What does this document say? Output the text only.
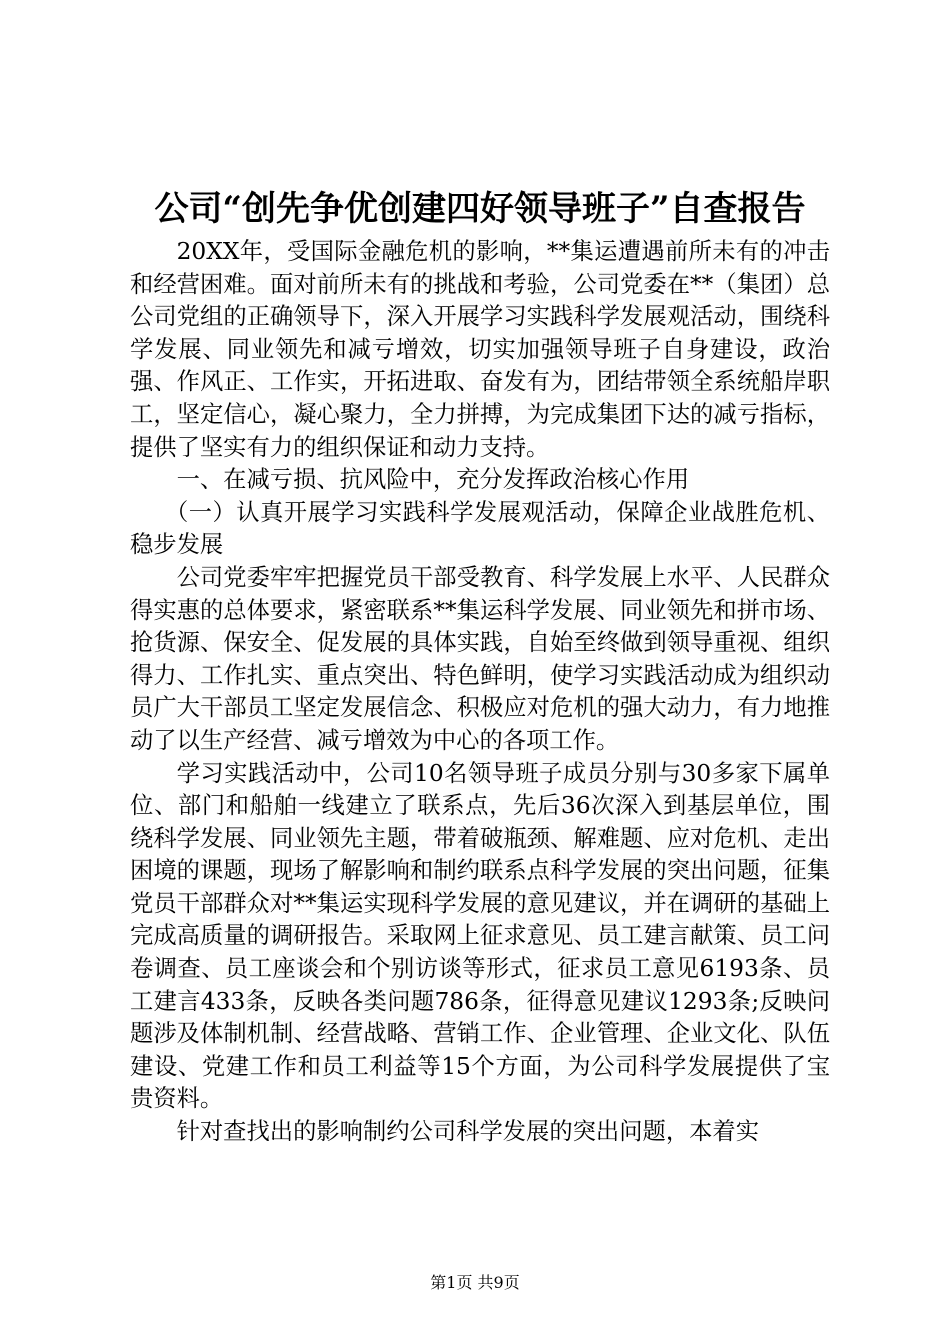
公司“创先争优创建四好领导班子”自查报告

20XX年，受国际金融危机的影响，**集运遭遇前所未有的冲击和经营困难。面对前所未有的挑战和考验，公司党委在**（集团）总公司党组的正确领导下，深入开展学习实践科学发展观活动，围绕科学发展、同业领先和减亏增效，切实加强领导班子自身建设，政治强、作风正、工作实，开拓进取、奋发有为，团结带领全系统船岸职工，坚定信心，凝心聚力，全力拼搏，为完成集团下达的减亏指标，提供了坚实有力的组织保证和动力支持。

一、在减亏损、抗风险中，充分发挥政治核心作用

（一）认真开展学习实践科学发展观活动，保障企业战胜危机、稳步发展

公司党委牢牢把握党员干部受教育、科学发展上水平、人民群众得实惠的总体要求，紧密联系**集运科学发展、同业领先和拼市场、抢货源、保安全、促发展的具体实践，自始至终做到领导重视、组织得力、工作扎实、重点突出、特色鲜明，使学习实践活动成为组织动员广大干部员工坚定发展信念、积极应对危机的强大动力，有力地推动了以生产经营、减亏增效为中心的各项工作。

学习实践活动中，公司10名领导班子成员分别与30多家下属单位、部门和船舶一线建立了联系点，先后36次深入到基层单位，围绕科学发展、同业领先主题，带着破瓶颈、解难题、应对危机、走出困境的课题，现场了解影响和制约联系点科学发展的突出问题，征集党员干部群众对**集运实现科学发展的意见建议，并在调研的基础上完成高质量的调研报告。采取网上征求意见、员工建言献策、员工问卷调查、员工座谈会和个别访谈等形式，征求员工意见6193条、员工建言433条，反映各类问题786条，征得意见建议1293条;反映问题涉及体制机制、经营战略、营销工作、企业管理、企业文化、队伍建设、党建工作和员工利益等15个方面，为公司科学发展提供了宝贵资料。

针对查找出的影响制约公司科学发展的突出问题，本着实

第1页 共9页
